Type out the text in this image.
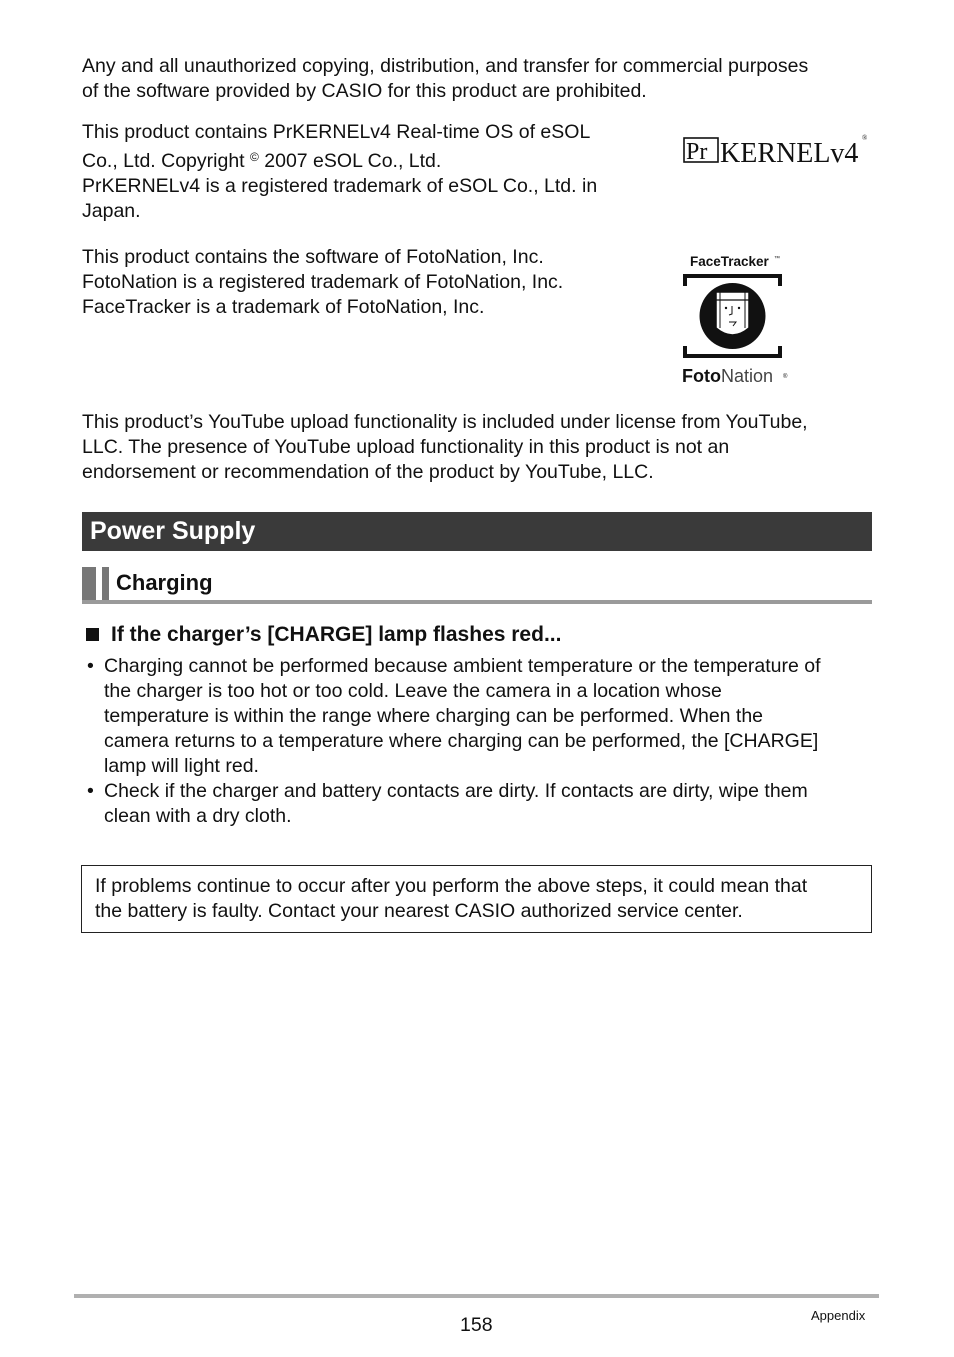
Any and all unauthorized copying, distribution, and transfer for commercial purposes
of the software provided by CASIO for this product are prohibited.

This product contains PrKERNELv4 Real-time OS of eSOL
Co., Ltd. Copyright © 2007 eSOL Co., Ltd.
PrKERNELv4 is a registered trademark of eSOL Co., Ltd. in
Japan.

Pr KERNELv4 ®

This product contains the software of FotoNation, Inc.
FotoNation is a registered trademark of FotoNation, Inc.
FaceTracker is a trademark of FotoNation, Inc.

FaceTracker ™
FotoNation ®

This product’s YouTube upload functionality is included under license from YouTube,
LLC. The presence of YouTube upload functionality in this product is not an
endorsement or recommendation of the product by YouTube, LLC.

Power Supply
Charging
If the charger’s [CHARGE] lamp flashes red...
• Charging cannot be performed because ambient temperature or the temperature of
the charger is too hot or too cold. Leave the camera in a location whose
temperature is within the range where charging can be performed. When the
camera returns to a temperature where charging can be performed, the [CHARGE]
lamp will light red.
• Check if the charger and battery contacts are dirty. If contacts are dirty, wipe them
clean with a dry cloth.
If problems continue to occur after you perform the above steps, it could mean that
the battery is faulty. Contact your nearest CASIO authorized service center.
158	Appendix
